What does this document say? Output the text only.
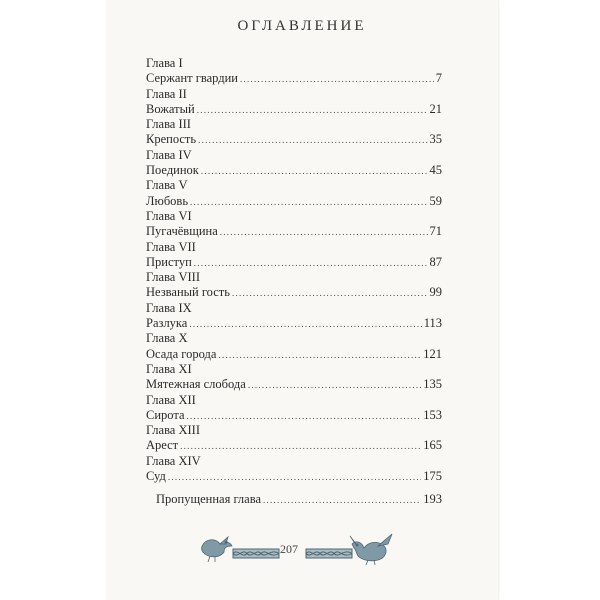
ОГЛАВЛЕНИЕ
Глава I
Сержант гвардии . . .	7
Глава II
Вожатый . . .	21
Глава III
Крепость . . .	35
Глава IV
Поединок . . .	45
Глава V
Любовь . . .	59
Глава VI
Пугачёвщина . . .	71
Глава VII
Приступ . . .	87
Глава VIII
Незваный гость . . .	99
Глава IX
Разлука . . .	113
Глава X
Осада города . . .	121
Глава XI
Мятежная слобода . . .	135
Глава XII
Сирота . . .	153
Глава XIII
Арест . . .	165
Глава XIV
Суд . . .	175
Пропущенная глава . . .	193
207
